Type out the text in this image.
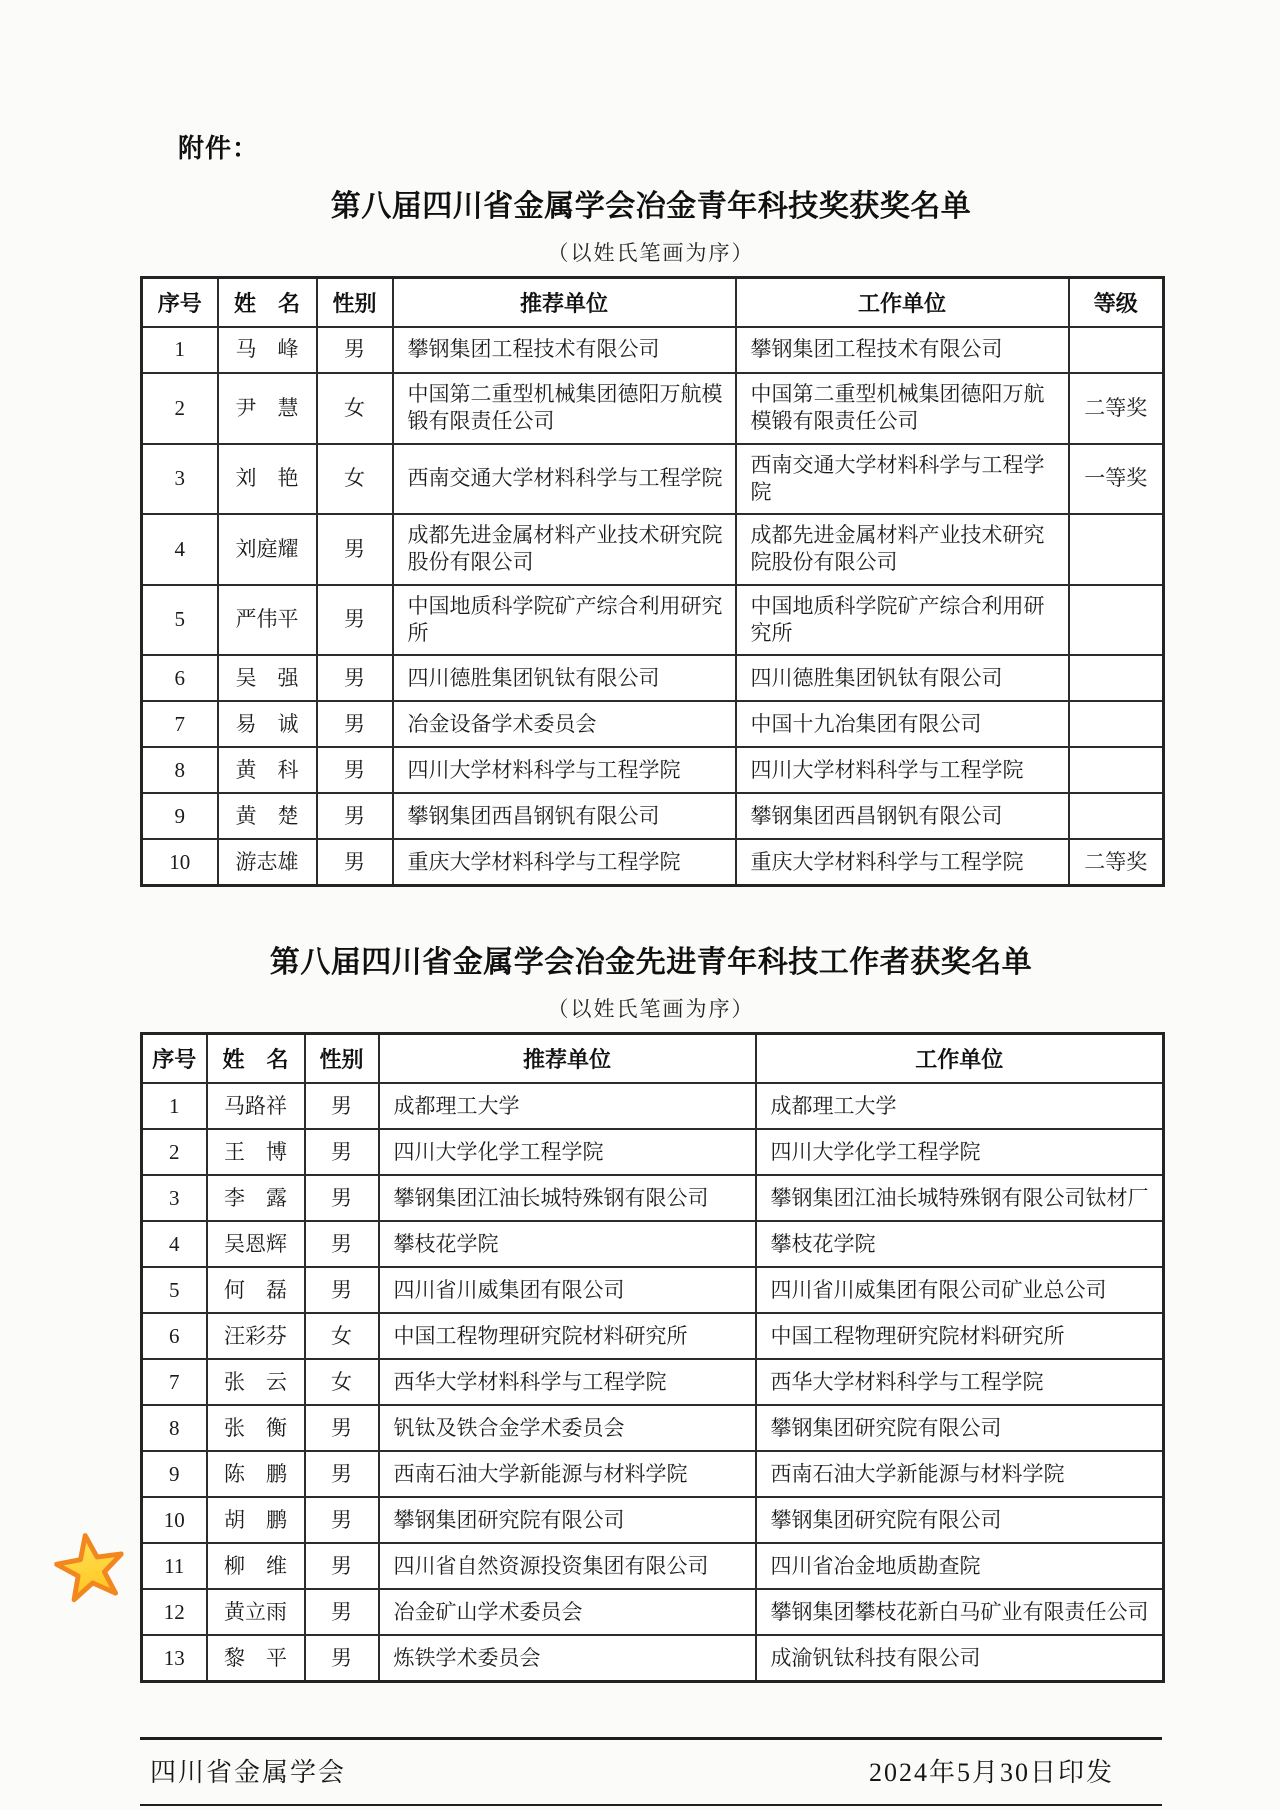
附件：
第八届四川省金属学会冶金青年科技奖获奖名单
（以姓氏笔画为序）
序号	姓　名	性别	推荐单位	工作单位	等级
1	马　峰	男	攀钢集团工程技术有限公司	攀钢集团工程技术有限公司	
2	尹　慧	女	中国第二重型机械集团德阳万航模锻有限责任公司	中国第二重型机械集团德阳万航模锻有限责任公司	二等奖
3	刘　艳	女	西南交通大学材料科学与工程学院	西南交通大学材料科学与工程学院	一等奖
4	刘庭耀	男	成都先进金属材料产业技术研究院股份有限公司	成都先进金属材料产业技术研究院股份有限公司	
5	严伟平	男	中国地质科学院矿产综合利用研究所	中国地质科学院矿产综合利用研究所	
6	吴　强	男	四川德胜集团钒钛有限公司	四川德胜集团钒钛有限公司	
7	易　诚	男	冶金设备学术委员会	中国十九冶集团有限公司	
8	黄　科	男	四川大学材料科学与工程学院	四川大学材料科学与工程学院	
9	黄　楚	男	攀钢集团西昌钢钒有限公司	攀钢集团西昌钢钒有限公司	
10	游志雄	男	重庆大学材料科学与工程学院	重庆大学材料科学与工程学院	二等奖
第八届四川省金属学会冶金先进青年科技工作者获奖名单
（以姓氏笔画为序）
序号	姓　名	性别	推荐单位	工作单位
1	马路祥	男	成都理工大学	成都理工大学
2	王　博	男	四川大学化学工程学院	四川大学化学工程学院
3	李　露	男	攀钢集团江油长城特殊钢有限公司	攀钢集团江油长城特殊钢有限公司钛材厂
4	吴恩辉	男	攀枝花学院	攀枝花学院
5	何　磊	男	四川省川威集团有限公司	四川省川威集团有限公司矿业总公司
6	汪彩芬	女	中国工程物理研究院材料研究所	中国工程物理研究院材料研究所
7	张　云	女	西华大学材料科学与工程学院	西华大学材料科学与工程学院
8	张　衡	男	钒钛及铁合金学术委员会	攀钢集团研究院有限公司
9	陈　鹏	男	西南石油大学新能源与材料学院	西南石油大学新能源与材料学院
10	胡　鹏	男	攀钢集团研究院有限公司	攀钢集团研究院有限公司
11	柳　维	男	四川省自然资源投资集团有限公司	四川省冶金地质勘查院
12	黄立雨	男	冶金矿山学术委员会	攀钢集团攀枝花新白马矿业有限责任公司
13	黎　平	男	炼铁学术委员会	成渝钒钛科技有限公司
四川省金属学会	2024年5月30日印发
